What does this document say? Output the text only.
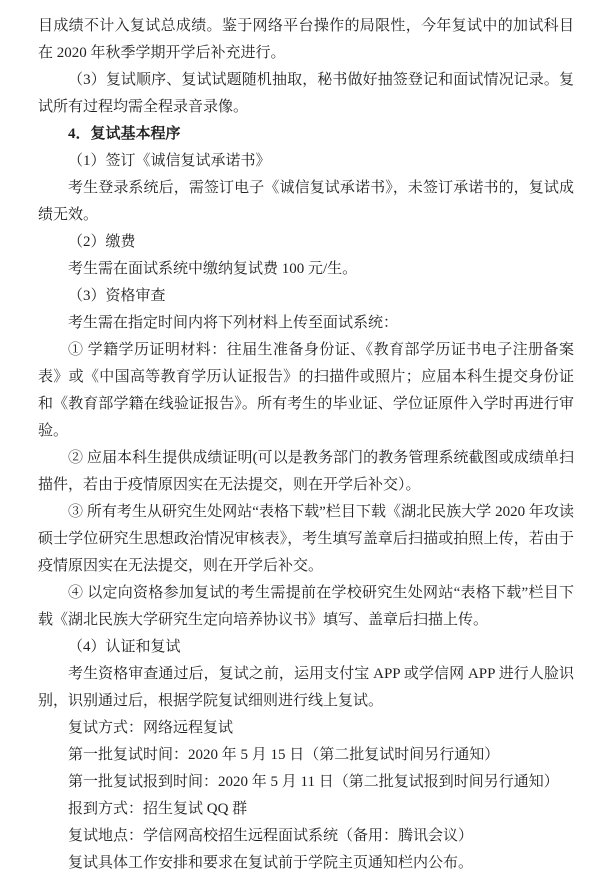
目成绩不计入复试总成绩。鉴于网络平台操作的局限性，今年复试中的加试科目在 2020 年秋季学期开学后补充进行。

（3）复试顺序、复试试题随机抽取，秘书做好抽签登记和面试情况记录。复试所有过程均需全程录音录像。

4．复试基本程序

（1）签订《诚信复试承诺书》

考生登录系统后，需签订电子《诚信复试承诺书》，未签订承诺书的，复试成绩无效。

（2）缴费

考生需在面试系统中缴纳复试费 100 元/生。

（3）资格审查

考生需在指定时间内将下列材料上传至面试系统：

① 学籍学历证明材料：往届生准备身份证、《教育部学历证书电子注册备案表》或《中国高等教育学历认证报告》的扫描件或照片；应届本科生提交身份证和《教育部学籍在线验证报告》。所有考生的毕业证、学位证原件入学时再进行审验。

② 应届本科生提供成绩证明(可以是教务部门的教务管理系统截图或成绩单扫描件，若由于疫情原因实在无法提交，则在开学后补交）。

③ 所有考生从研究生处网站“表格下载”栏目下载《湖北民族大学 2020 年攻读硕士学位研究生思想政治情况审核表》，考生填写盖章后扫描或拍照上传，若由于疫情原因实在无法提交，则在开学后补交。

④ 以定向资格参加复试的考生需提前在学校研究生处网站“表格下载”栏目下载《湖北民族大学研究生定向培养协议书》填写、盖章后扫描上传。

（4）认证和复试

考生资格审查通过后，复试之前，运用支付宝 APP 或学信网 APP 进行人脸识别，识别通过后，根据学院复试细则进行线上复试。

复试方式：网络远程复试

第一批复试时间：2020 年 5 月 15 日（第二批复试时间另行通知）

第一批复试报到时间：2020 年 5 月 11 日（第二批复试报到时间另行通知）

报到方式：招生复试 QQ 群

复试地点：学信网高校招生远程面试系统（备用：腾讯会议）

复试具体工作安排和要求在复试前于学院主页通知栏内公布。
